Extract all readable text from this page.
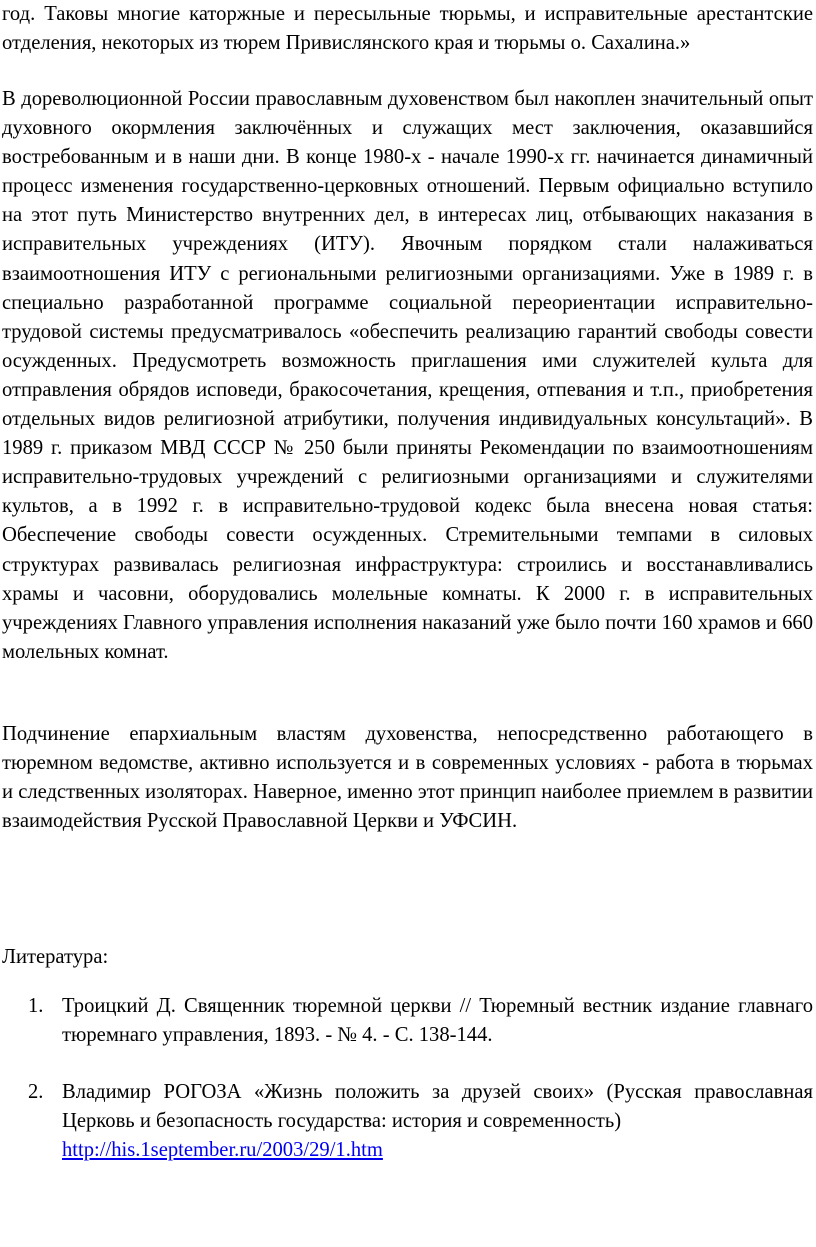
год. Таковы многие каторжные и пересыльные тюрьмы, и исправительные арестантские отделения, некоторых из тюрем Привислянского края и тюрьмы о. Сахалина.»

В дореволюционной России православным духовенством был накоплен значительный опыт духовного окормления заключённых и служащих мест заключения, оказавшийся востребованным и в наши дни. В конце 1980-х - начале 1990-х гг. начинается динамичный процесс изменения государственно-церковных отношений. Первым официально вступило на этот путь Министерство внутренних дел, в интересах лиц, отбывающих наказания в исправительных учреждениях (ИТУ). Явочным порядком стали налаживаться взаимоотношения ИТУ с региональными религиозными организациями. Уже в 1989 г. в специально разработанной программе социальной переориентации исправительно-трудовой системы предусматривалось «обеспечить реализацию гарантий свободы совести осужденных. Предусмотреть возможность приглашения ими служителей культа для отправления обрядов исповеди, бракосочетания, крещения, отпевания и т.п., приобретения отдельных видов религиозной атрибутики, получения индивидуальных консультаций». В 1989 г. приказом МВД СССР № 250 были приняты Рекомендации по взаимоотношениям исправительно-трудовых учреждений с религиозными организациями и служителями культов, а в 1992 г. в исправительно-трудовой кодекс была внесена новая статья: Обеспечение свободы совести осужденных. Стремительными темпами в силовых структурах развивалась религиозная инфраструктура: строились и восстанавливались храмы и часовни, оборудовались молельные комнаты. К 2000 г. в исправительных учреждениях Главного управления исполнения наказаний уже было почти 160 храмов и 660 молельных комнат.

Подчинение епархиальным властям духовенства, непосредственно работающего в тюремном ведомстве, активно используется и в современных условиях - работа в тюрьмах и следственных изоляторах. Наверное, именно этот принцип наиболее приемлем в развитии взаимодействия Русской Православной Церкви и УФСИН.

Литература:

1. Троицкий Д. Священник тюремной церкви // Тюремный вестник издание главнаго тюремнаго управления, 1893. - № 4. - С. 138-144.
2. Владимир РОГОЗА «Жизнь положить за друзей своих» (Русская православная Церковь и безопасность государства: история и современность)
http://his.1september.ru/2003/29/1.htm
